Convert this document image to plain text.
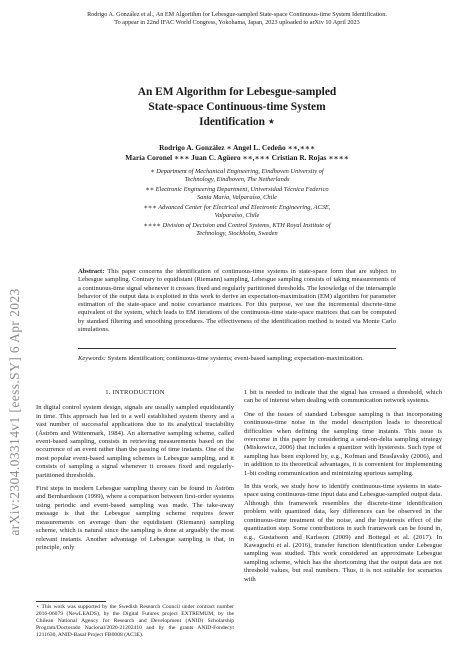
Rodrigo A. González et al., An EM Algorithm for Lebesgue-sampled State-space Continuous-time System Identification.
To appear in 22nd IFAC World Congress, Yokohama, Japan, 2023 uploaded to arXiv 10 April 2023
arXiv:2304.03314v1 [eess.SY] 6 Apr 2023
An EM Algorithm for Lebesgue-sampled
State-space Continuous-time System
Identification ⋆
Rodrigo A. González ∗ Angel L. Cedeño ∗∗,∗∗∗
María Coronel ∗∗∗ Juan C. Agüero ∗∗,∗∗∗ Cristian R. Rojas ∗∗∗∗
∗ Department of Mechanical Engineering, Eindhoven University of
Technology, Eindhoven, The Netherlands
∗∗ Electronic Engineering Department, Universidad Técnica Federico
Santa María, Valparaíso, Chile
∗∗∗ Advanced Center for Electrical and Electronic Engineering, AC3E,
Valparaíso, Chile
∗∗∗∗ Division of Decision and Control Systems, KTH Royal Institute of
Technology, Stockholm, Sweden
Abstract: This paper concerns the identification of continuous-time systems in state-space form that are subject to Lebesgue sampling. Contrary to equidistant (Riemann) sampling, Lebesgue sampling consists of taking measurements of a continuous-time signal whenever it crosses fixed and regularly partitioned thresholds. The knowledge of the intersample behavior of the output data is exploited in this work to derive an expectation-maximization (EM) algorithm for parameter estimation of the state-space and noise covariance matrices. For this purpose, we use the incremental discrete-time equivalent of the system, which leads to EM iterations of the continuous-time state-space matrices that can be computed by standard filtering and smoothing procedures. The effectiveness of the identification method is tested via Monte Carlo simulations.
Keywords: System identification; continuous-time systems; event-based sampling; expectation-maximization.
1. INTRODUCTION

In digital control system design, signals are usually sampled equidistantly in time. This approach has led to a well established system theory and a vast number of successful applications due to its analytical tractability (Åström and Wittenmark, 1984). An alternative sampling scheme, called event-based sampling, consists in retrieving measurements based on the occurrence of an event rather than the passing of time instants. One of the most popular event-based sampling schemes is Lebesgue sampling, and it consists of sampling a signal whenever it crosses fixed and regularly-partitioned thresholds.

First steps in modern Lebesgue sampling theory can be found in Åström and Bernhardsson (1999), where a comparison between first-order systems using periodic and event-based sampling was made. The take-away message is that the Lebesgue sampling scheme requires fewer measurements on average than the equidistant (Riemann) sampling scheme, which is natural since the sampling is done at arguably the most relevant instants. Another advantage of Lebesgue sampling is that, in principle, only

⋆ This work was supported by the Swedish Research Council under contract number 2016-06079 (NewLEADS), by the Digital Futures project EXTREMUM, by the Chilean National Agency for Research and Development (ANID) Scholarship Program/Doctorado Nacional/2020-21202410 and by the grants ANID-Fondecyt 1211630, ANID-Basal Project FB0008 (AC3E).

1 bit is needed to indicate that the signal has crossed a threshold, which can be of interest when dealing with communication network systems.

One of the issues of standard Lebesgue sampling is that incorporating continuous-time noise in the model description leads to theoretical difficulties when defining the sampling time instants. This issue is overcome in this paper by considering a send-on-delta sampling strategy (Miskowicz, 2006) that includes a quantizer with hysteresis. Such type of sampling has been explored by, e.g., Kofman and Braslavsky (2006), and in addition to its theoretical advantages, it is convenient for implementing 1-bit coding communication and minimizing spurious sampling.

In this work, we study how to identify continuous-time systems in state-space using continuous-time input data and Lebesgue-sampled output data. Although this framework resembles the discrete-time identification problem with quantized data, key differences can be observed in the continuous-time treatment of the noise, and the hysteresis effect of the quantization step. Some contributions in such framework can be found in, e.g., Gustafsson and Karlsson (2009) and Bottegal et al. (2017). In Kawaguchi et al. (2016), transfer function identification under Lebesgue sampling was studied. This work considered an approximate Lebesgue sampling scheme, which has the shortcoming that the output data are not threshold values, but real numbers. Thus, it is not suitable for scenarios with
